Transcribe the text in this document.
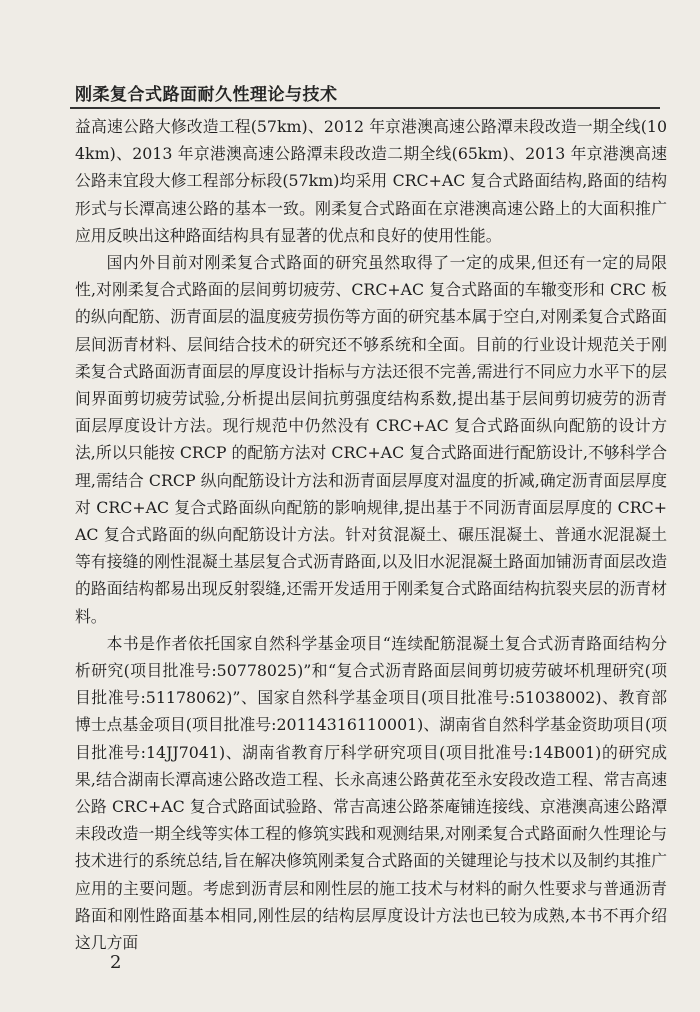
刚柔复合式路面耐久性理论与技术

益高速公路大修改造工程(57km)、2012 年京港澳高速公路潭耒段改造一期全线(104km)、2013 年京港澳高速公路潭耒段改造二期全线(65km)、2013 年京港澳高速公路耒宜段大修工程部分标段(57km)均采用 CRC+AC 复合式路面结构,路面的结构形式与长潭高速公路的基本一致。刚柔复合式路面在京港澳高速公路上的大面积推广应用反映出这种路面结构具有显著的优点和良好的使用性能。

国内外目前对刚柔复合式路面的研究虽然取得了一定的成果,但还有一定的局限性,对刚柔复合式路面的层间剪切疲劳、CRC+AC 复合式路面的车辙变形和 CRC 板的纵向配筋、沥青面层的温度疲劳损伤等方面的研究基本属于空白,对刚柔复合式路面层间沥青材料、层间结合技术的研究还不够系统和全面。目前的行业设计规范关于刚柔复合式路面沥青面层的厚度设计指标与方法还很不完善,需进行不同应力水平下的层间界面剪切疲劳试验,分析提出层间抗剪强度结构系数,提出基于层间剪切疲劳的沥青面层厚度设计方法。现行规范中仍然没有 CRC+AC 复合式路面纵向配筋的设计方法,所以只能按 CRCP 的配筋方法对 CRC+AC 复合式路面进行配筋设计,不够科学合理,需结合 CRCP 纵向配筋设计方法和沥青面层厚度对温度的折减,确定沥青面层厚度对 CRC+AC 复合式路面纵向配筋的影响规律,提出基于不同沥青面层厚度的 CRC+AC 复合式路面的纵向配筋设计方法。针对贫混凝土、碾压混凝土、普通水泥混凝土等有接缝的刚性混凝土基层复合式沥青路面,以及旧水泥混凝土路面加铺沥青面层改造的路面结构都易出现反射裂缝,还需开发适用于刚柔复合式路面结构抗裂夹层的沥青材料。

本书是作者依托国家自然科学基金项目“连续配筋混凝土复合式沥青路面结构分析研究(项目批准号:50778025)”和“复合式沥青路面层间剪切疲劳破坏机理研究(项目批准号:51178062)”、国家自然科学基金项目(项目批准号:51038002)、教育部博士点基金项目(项目批准号:20114316110001)、湖南省自然科学基金资助项目(项目批准号:14JJ7041)、湖南省教育厅科学研究项目(项目批准号:14B001)的研究成果,结合湖南长潭高速公路改造工程、长永高速公路黄花至永安段改造工程、常吉高速公路 CRC+AC 复合式路面试验路、常吉高速公路茶庵铺连接线、京港澳高速公路潭耒段改造一期全线等实体工程的修筑实践和观测结果,对刚柔复合式路面耐久性理论与技术进行的系统总结,旨在解决修筑刚柔复合式路面的关键理论与技术以及制约其推广应用的主要问题。考虑到沥青层和刚性层的施工技术与材料的耐久性要求与普通沥青路面和刚性路面基本相同,刚性层的结构层厚度设计方法也已较为成熟,本书不再介绍这几方面

2
